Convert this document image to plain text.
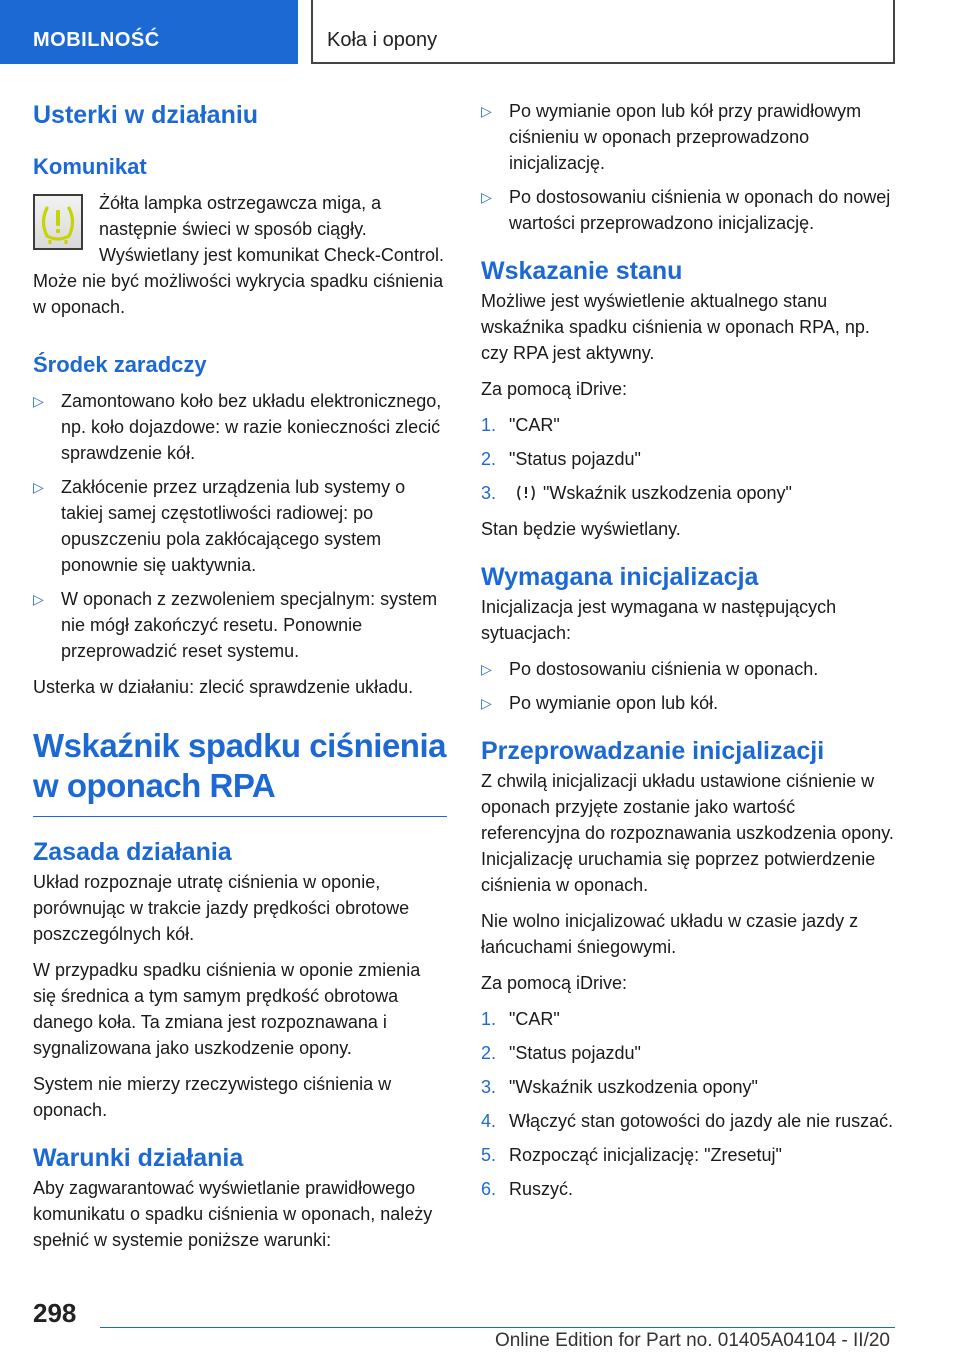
MOBILNOŚĆ	Koła i opony
Usterki w działaniu
Komunikat
Żółta lampka ostrzegawcza miga, a następnie świeci w sposób ciągły. Wyświetlany jest komunikat Check-Control. Może nie być możliwości wykrycia spadku ciśnienia w oponach.
Środek zaradczy
▷ Zamontowano koło bez układu elektronicznego, np. koło dojazdowe: w razie konieczności zlecić sprawdzenie kół.
▷ Zakłócenie przez urządzenia lub systemy o takiej samej częstotliwości radiowej: po opuszczeniu pola zakłócającego system ponownie się uaktywnia.
▷ W oponach z zezwoleniem specjalnym: system nie mógł zakończyć resetu. Ponownie przeprowadzić reset systemu.

Usterka w działaniu: zlecić sprawdzenie układu.

Wskaźnik spadku ciśnienia w oponach RPA
Zasada działania

Układ rozpoznaje utratę ciśnienia w oponie, porównując w trakcie jazdy prędkości obrotowe poszczególnych kół.

W przypadku spadku ciśnienia w oponie zmienia się średnica a tym samym prędkość obrotowa danego koła. Ta zmiana jest rozpoznawana i sygnalizowana jako uszkodzenie opony.

System nie mierzy rzeczywistego ciśnienia w oponach.

Warunki działania

Aby zagwarantować wyświetlanie prawidłowego komunikatu o spadku ciśnienia w oponach, należy spełnić w systemie poniższe warunki:

▷ Po wymianie opon lub kół przy prawidłowym ciśnieniu w oponach przeprowadzono inicjalizację.
▷ Po dostosowaniu ciśnienia w oponach do nowej wartości przeprowadzono inicjalizację.
Wskazanie stanu

Możliwe jest wyświetlenie aktualnego stanu wskaźnika spadku ciśnienia w oponach RPA, np. czy RPA jest aktywny.

Za pomocą iDrive:

1. "CAR"
2. "Status pojazdu"
3.	"Wskaźnik uszkodzenia opony"

Stan będzie wyświetlany.

Wymagana inicjalizacja

Inicjalizacja jest wymagana w następujących sytuacjach:

▷ Po dostosowaniu ciśnienia w oponach.
▷ Po wymianie opon lub kół.
Przeprowadzanie inicjalizacji

Z chwilą inicjalizacji układu ustawione ciśnienie w oponach przyjęte zostanie jako wartość referencyjna do rozpoznawania uszkodzenia opony. Inicjalizację uruchamia się poprzez potwierdzenie ciśnienia w oponach.

Nie wolno inicjalizować układu w czasie jazdy z łańcuchami śniegowymi.

Za pomocą iDrive:

1. "CAR"
2. "Status pojazdu"
3. "Wskaźnik uszkodzenia opony"
4. Włączyć stan gotowości do jazdy ale nie ruszać.
5. Rozpocząć inicjalizację: "Zresetuj"
6. Ruszyć.
298
Online Edition for Part no. 01405A04104 - II/20
